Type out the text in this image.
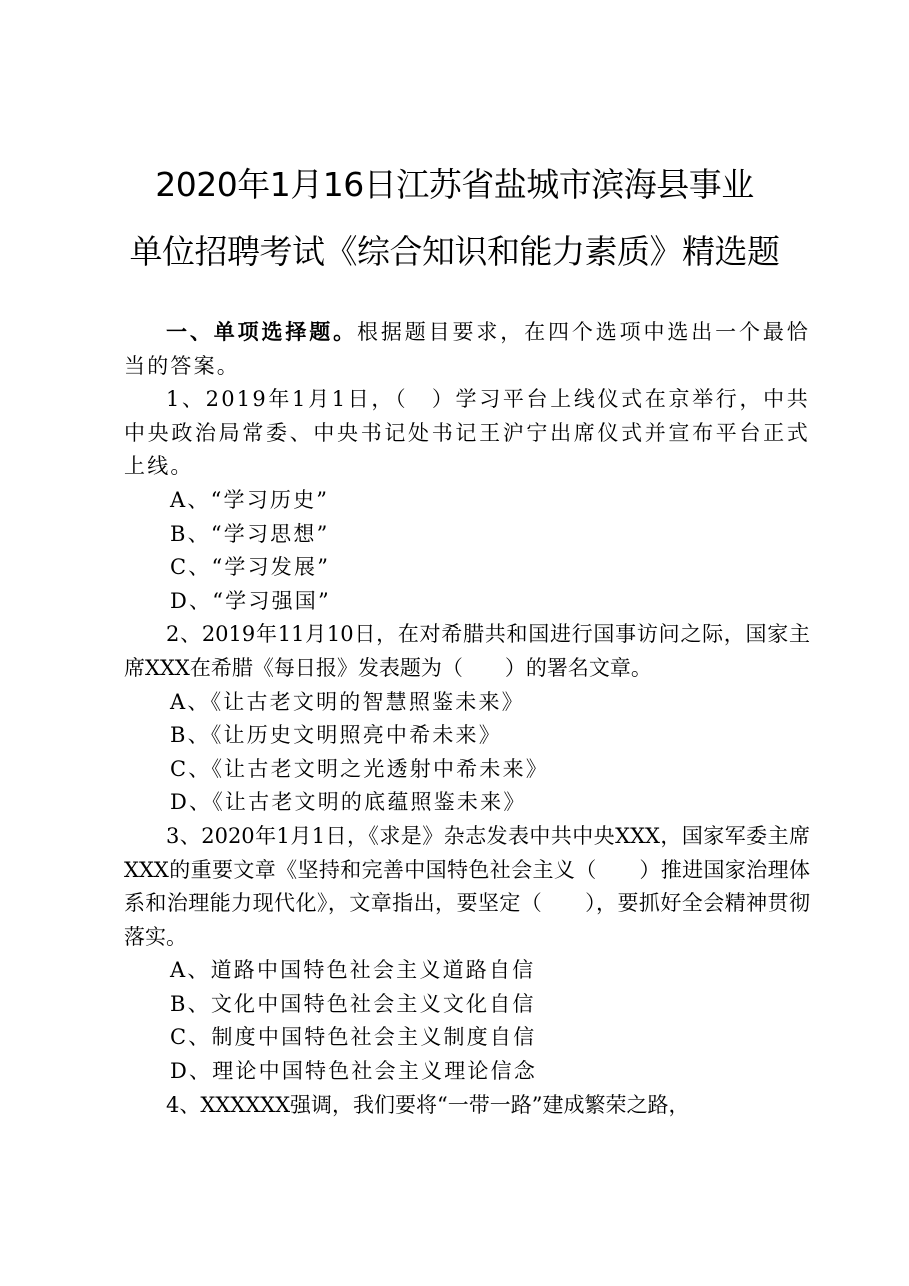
2020年1月16日江苏省盐城市滨海县事业
单位招聘考试《综合知识和能力素质》精选题

一、单项选择题。根据题目要求，在四个选项中选出一个最恰当的答案。

1、2019年1月1日，（　）学习平台上线仪式在京举行，中共中央政治局常委、中央书记处书记王沪宁出席仪式并宣布平台正式上线。

A、“学习历史”

B、“学习思想”

C、“学习发展”

D、“学习强国”

2、2019年11月10日，在对希腊共和国进行国事访问之际，国家主席XXX在希腊《每日报》发表题为（　　）的署名文章。

A、《让古老文明的智慧照鉴未来》

B、《让历史文明照亮中希未来》

C、《让古老文明之光透射中希未来》

D、《让古老文明的底蕴照鉴未来》

3、2020年1月1日，《求是》杂志发表中共中央XXX，国家军委主席XXX的重要文章《坚持和完善中国特色社会主义（　　）推进国家治理体系和治理能力现代化》，文章指出，要坚定（　　），要抓好全会精神贯彻落实。

A、道路中国特色社会主义道路自信

B、文化中国特色社会主义文化自信

C、制度中国特色社会主义制度自信

D、理论中国特色社会主义理论信念

4、XXXXXX强调，我们要将“一带一路”建成繁荣之路，
